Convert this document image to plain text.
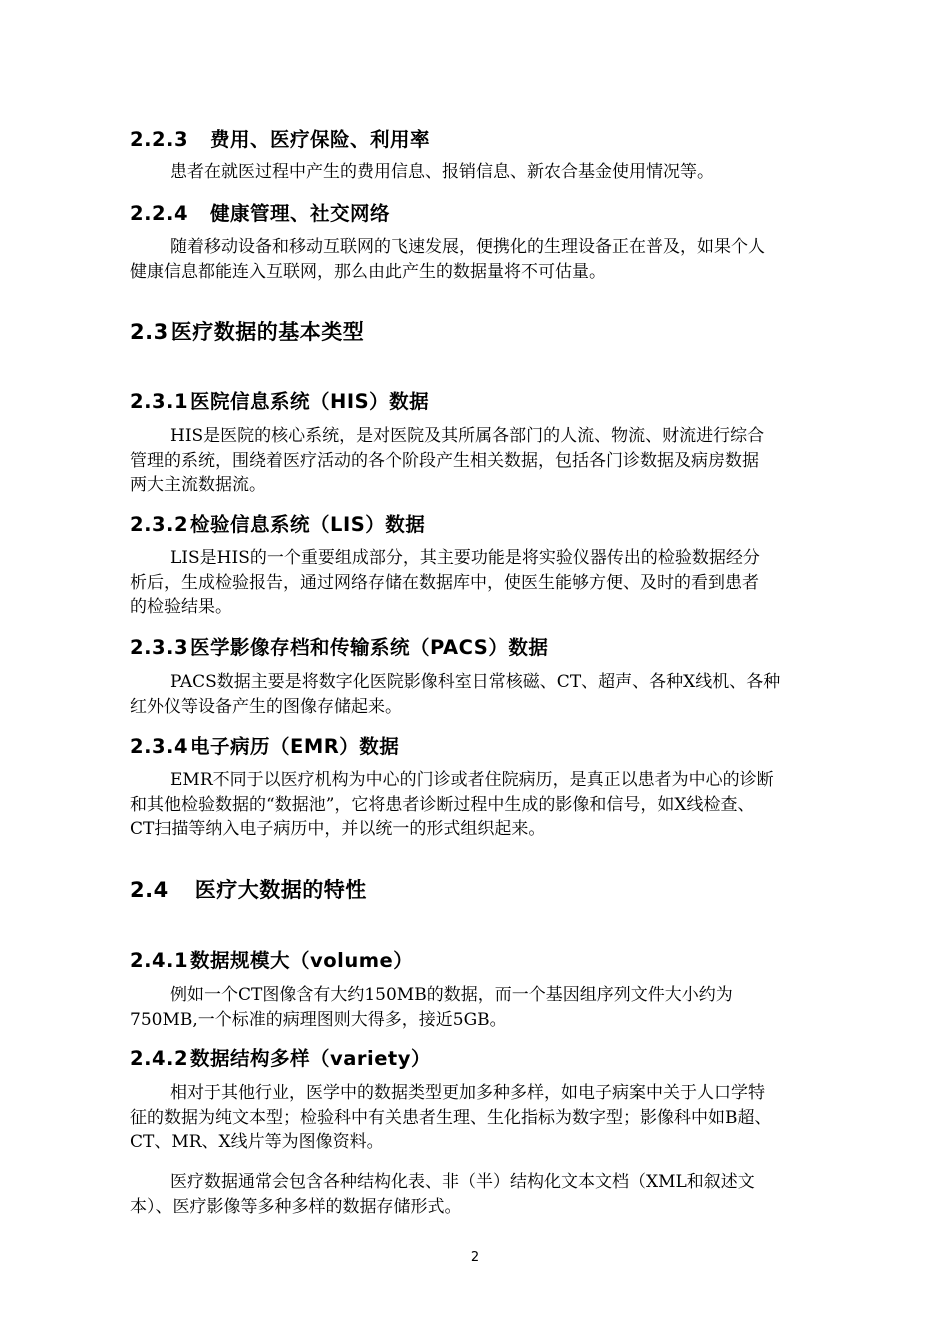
2.2.3 费用、医疗保险、利用率
患者在就医过程中产生的费用信息、报销信息、新农合基金使用情况等。
2.2.4 健康管理、社交网络
随着移动设备和移动互联网的飞速发展，便携化的生理设备正在普及，如果个人
健康信息都能连入互联网，那么由此产生的数据量将不可估量。
2.3医疗数据的基本类型
2.3.1 医院信息系统（HIS）数据
HIS是医院的核心系统，是对医院及其所属各部门的人流、物流、财流进行综合
管理的系统，围绕着医疗活动的各个阶段产生相关数据，包括各门诊数据及病房数据
两大主流数据流。
2.3.2 检验信息系统（LIS）数据
LIS是HIS的一个重要组成部分，其主要功能是将实验仪器传出的检验数据经分
析后，生成检验报告，通过网络存储在数据库中，使医生能够方便、及时的看到患者
的检验结果。
2.3.3 医学影像存档和传输系统（PACS）数据
PACS数据主要是将数字化医院影像科室日常核磁、CT、超声、各种X线机、各种
红外仪等设备产生的图像存储起来。
2.3.4 电子病历（EMR）数据
EMR不同于以医疗机构为中心的门诊或者住院病历，是真正以患者为中心的诊断
和其他检验数据的“数据池”，它将患者诊断过程中生成的影像和信号，如X线检查、
CT扫描等纳入电子病历中，并以统一的形式组织起来。
2.4 医疗大数据的特性
2.4.1 数据规模大（volume）
例如一个CT图像含有大约150MB的数据，而一个基因组序列文件大小约为
750MB,一个标准的病理图则大得多，接近5GB。
2.4.2 数据结构多样（variety）
相对于其他行业，医学中的数据类型更加多种多样，如电子病案中关于人口学特
征的数据为纯文本型；检验科中有关患者生理、生化指标为数字型；影像科中如B超、
CT、MR、X线片等为图像资料。
医疗数据通常会包含各种结构化表、非（半）结构化文本文档（XML和叙述文
本）、医疗影像等多种多样的数据存储形式。
2
